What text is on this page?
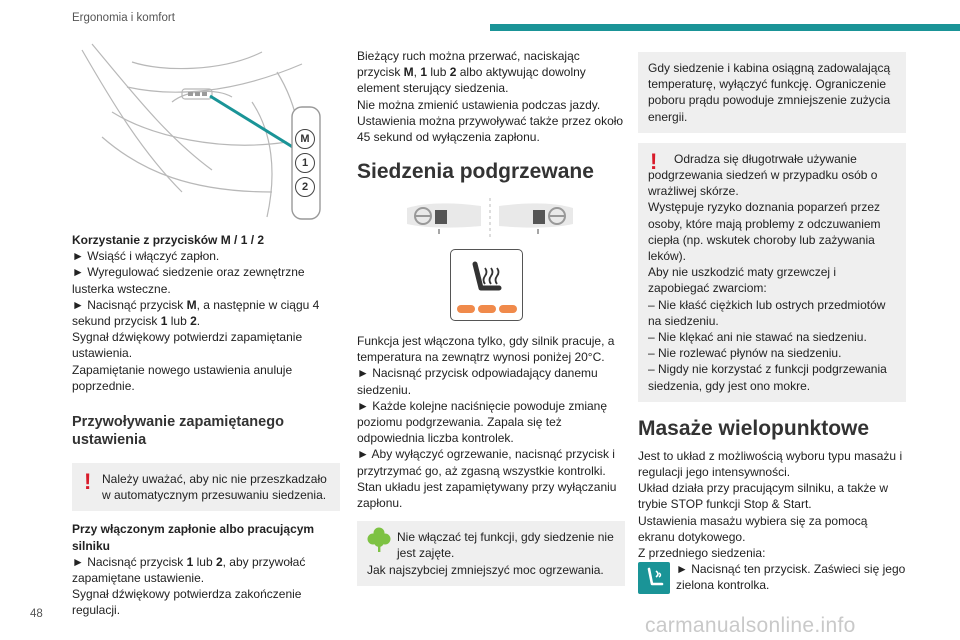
Ergonomia i komfort
M
1
2

Korzystanie z przycisków M / 1 / 2

► Wsiąść i włączyć zapłon.

► Wyregulować siedzenie oraz zewnętrzne lusterka wsteczne.

► Nacisnąć przycisk M, a następnie w ciągu 4 sekund przycisk 1 lub 2.

Sygnał dźwiękowy potwierdzi zapamiętanie ustawienia.

Zapamiętanie nowego ustawienia anuluje poprzednie.

Przywoływanie zapamiętanego ustawienia

! Należy uważać, aby nic nie przeszkadzało w automatycznym przesuwaniu siedzenia.

Przy włączonym zapłonie albo pracującym silniku

► Nacisnąć przycisk 1 lub 2, aby przywołać zapamiętane ustawienie.

Sygnał dźwiękowy potwierdza zakończenie regulacji.

Bieżący ruch można przerwać, naciskając przycisk M, 1 lub 2 albo aktywując dowolny element sterujący siedzenia.

Nie można zmienić ustawienia podczas jazdy.

Ustawienia można przywoływać także przez około 45 sekund od wyłączenia zapłonu.

Siedzenia podgrzewane

Funkcja jest włączona tylko, gdy silnik pracuje, a temperatura na zewnątrz wynosi poniżej 20°C.

► Nacisnąć przycisk odpowiadający danemu siedzeniu.

► Każde kolejne naciśnięcie powoduje zmianę poziomu podgrzewania. Zapala się też odpowiednia liczba kontrolek.

► Aby wyłączyć ogrzewanie, nacisnąć przycisk i przytrzymać go, aż zgasną wszystkie kontrolki.

Stan układu jest zapamiętywany przy wyłączaniu zapłonu.

Nie włączać tej funkcji, gdy siedzenie nie jest zajęte.

Jak najszybciej zmniejszyć moc ogrzewania.

Gdy siedzenie i kabina osiągną zadowalającą temperaturę, wyłączyć funkcję. Ograniczenie poboru prądu powoduje zmniejszenie zużycia energii.

!	Odradza się długotrwałe używanie podgrzewania siedzeń w przypadku osób o wrażliwej skórze.

Występuje ryzyko doznania poparzeń przez osoby, które mają problemy z odczuwaniem ciepła (np. wskutek choroby lub zażywania leków).

Aby nie uszkodzić maty grzewczej i zapobiegać zwarciom:

– Nie kłaść ciężkich lub ostrych przedmiotów na siedzeniu.

– Nie klękać ani nie stawać na siedzeniu.

– Nie rozlewać płynów na siedzeniu.

– Nigdy nie korzystać z funkcji podgrzewania siedzenia, gdy jest ono mokre.

Masaże wielopunktowe

Jest to układ z możliwością wyboru typu masażu i regulacji jego intensywności.

Układ działa przy pracującym silniku, a także w trybie STOP funkcji Stop & Start.

Ustawienia masażu wybiera się za pomocą ekranu dotykowego.

Z przedniego siedzenia:

► Nacisnąć ten przycisk. Zaświeci się jego zielona kontrolka.

48	carmanualsonline.info
